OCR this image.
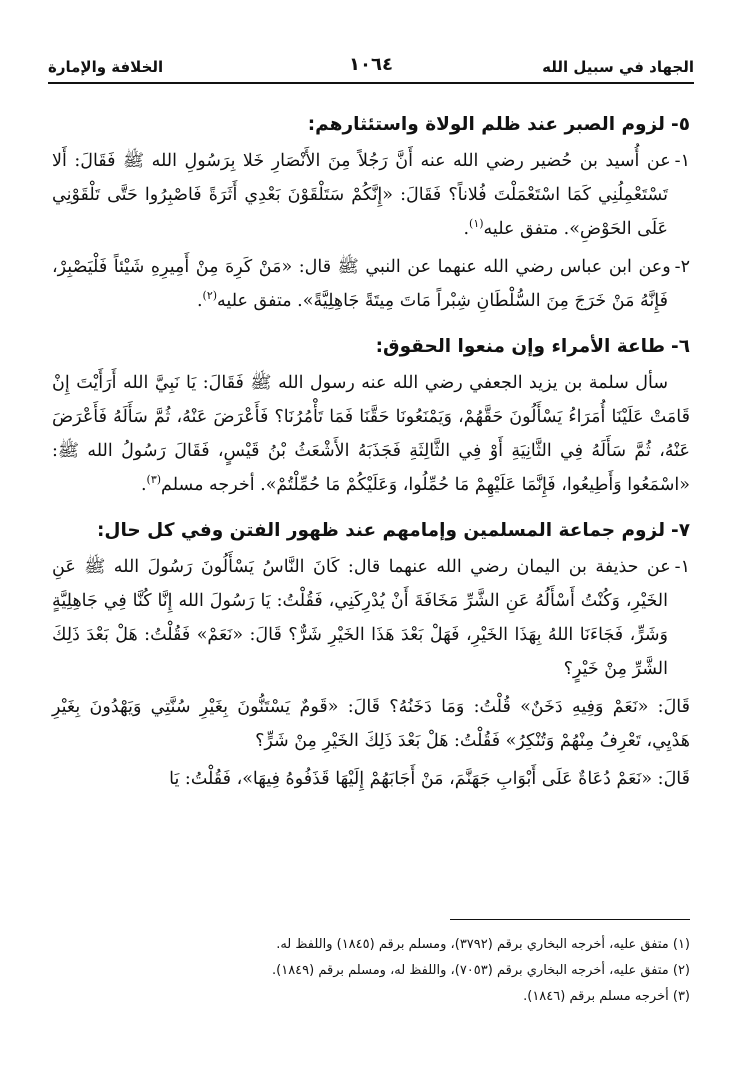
الجهاد في سبيل الله
١٠٦٤
الخلافة والإمارة
٥-لزوم الصبر عند ظلم الولاة واستئثارهم:
١-عن أُسيد بن حُضير رضي الله عنه أَنَّ رَجُلاً مِنَ الأَنْصَارِ خَلا بِرَسُولِ الله ﷺ فَقَالَ: أَلا تَسْتَعْمِلُنِي كَمَا اسْتَعْمَلْتَ فُلاناً؟ فَقَالَ: «إِنَّكُمْ سَتَلْقَوْنَ بَعْدِي أَثَرَةً فَاصْبِرُوا حَتَّى تَلْقَوْنِي عَلَى الحَوْضِ». متفق عليه$^{(١)}$.
٢-وعن ابن عباس رضي الله عنهما عن النبي ﷺ قال: «مَنْ كَرِهَ مِنْ أَمِيرِهِ شَيْئاً فَلْيَصْبِرْ، فَإِنَّهُ مَنْ خَرَجَ مِنَ السُّلْطَانِ شِبْراً مَاتَ مِيتَةً جَاهِلِيَّةً». متفق عليه$^{(٢)}$.
٦-طاعة الأمراء وإن منعوا الحقوق:
سأل سلمة بن يزيد الجعفي رضي الله عنه رسول الله ﷺ فَقَالَ: يَا نَبِيَّ الله أَرَأَيْتَ إِنْ قَامَتْ عَلَيْنَا أُمَرَاءُ يَسْأَلُونَ حَقَّهُمْ، وَيَمْنَعُونَا حَقَّنَا فَمَا تَأْمُرُنَا؟ فَأَعْرَضَ عَنْهُ، ثُمَّ سَأَلَهُ فَأَعْرَضَ عَنْهُ، ثُمَّ سَأَلَهُ فِي الثَّانِيَةِ أَوْ فِي الثَّالِثَةِ فَجَذَبَهُ الأَشْعَثُ بْنُ قَيْسٍ، فَقَالَ رَسُولُ الله ﷺ: «اسْمَعُوا وَأَطِيعُوا، فَإِنَّمَا عَلَيْهِمْ مَا حُمِّلُوا، وَعَلَيْكُمْ مَا حُمِّلْتُمْ». أخرجه مسلم$^{(٣)}$.
٧-لزوم جماعة المسلمين وإمامهم عند ظهور الفتن وفي كل حال:
١-عن حذيفة بن اليمان رضي الله عنهما قال: كَانَ النَّاسُ يَسْأَلُونَ رَسُولَ الله ﷺ عَنِ الخَيْرِ، وَكُنْتُ أَسْأَلُهُ عَنِ الشَّرِّ مَخَافَةَ أَنْ يُدْرِكَنِي، فَقُلْتُ: يَا رَسُولَ الله إِنَّا كُنَّا فِي جَاهِلِيَّةٍ وَشَرٍّ، فَجَاءَنَا اللهُ بِهَذَا الخَيْرِ، فَهَلْ بَعْدَ هَذَا الخَيْرِ شَرٌّ؟ قَالَ: «نَعَمْ» فَقُلْتُ: هَلْ بَعْدَ ذَلِكَ الشَّرِّ مِنْ خَيْرٍ؟
قَالَ: «نَعَمْ وَفِيهِ دَخَنٌ» قُلْتُ: وَمَا دَخَنُهُ؟ قَالَ: «قَومٌ يَسْتَنُّونَ بِغَيْرِ سُنَّتِي وَيَهْدُونَ بِغَيْرِ هَدْيِي، تَعْرِفُ مِنْهُمْ وَتُنْكِرُ» فَقُلْتُ: هَلْ بَعْدَ ذَلِكَ الخَيْرِ مِنْ شَرٍّ؟
قَالَ: «نَعَمْ دُعَاةٌ عَلَى أَبْوَابِ جَهَنَّمَ، مَنْ أَجَابَهُمْ إِلَيْهَا قَذَفُوهُ فِيهَا»، فَقُلْتُ: يَا
(١) متفق عليه، أخرجه البخاري برقم (٣٧٩٢)، ومسلم برقم (١٨٤٥) واللفظ له.
(٢) متفق عليه، أخرجه البخاري برقم (٧٠٥٣)، واللفظ له، ومسلم برقم (١٨٤٩).
(٣) أخرجه مسلم برقم (١٨٤٦).
